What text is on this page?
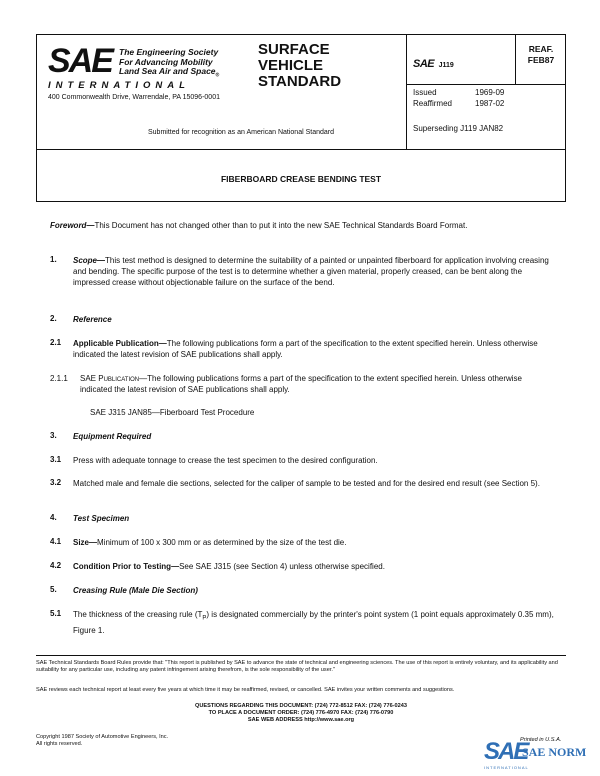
SAE The Engineering Society
For Advancing Mobility
Land Sea Air and Space$_®$
INTERNATIONAL
400 Commonwealth Drive, Warrendale, PA 15096-0001
SURFACE
VEHICLE
STANDARD
Submitted for recognition as an American National Standard
SAE J119
REAF.
FEB87
Issued	1969-09
Reaffirmed	1987-02
Superseding J119 JAN82
FIBERBOARD CREASE BENDING TEST
Foreword—This Document has not changed other than to put it into the new SAE Technical Standards Board Format.
1. Scope—This test method is designed to determine the suitability of a painted or unpainted fiberboard for application involving creasing and bending. The specific purpose of the test is to determine whether a given material, properly creased, can be bent along the impressed crease without objectionable failure on the surface of the bend.
2. Reference
2.1 Applicable Publication—The following publications form a part of the specification to the extent specified herein. Unless otherwise indicated the latest revision of SAE publications shall apply.
2.1.1 SAE Publication—The following publications forms a part of the specification to the extent specified herein. Unless otherwise indicated the latest revision of SAE publications shall apply.
SAE J315 JAN85—Fiberboard Test Procedure
3. Equipment Required
3.1 Press with adequate tonnage to crease the test specimen to the desired configuration.
3.2 Matched male and female die sections, selected for the caliper of sample to be tested and for the desired end result (see Section 5).
4. Test Specimen
4.1 Size—Minimum of 100 x 300 mm or as determined by the size of the test die.
4.2 Condition Prior to Testing—See SAE J315 (see Section 4) unless otherwise specified.
5. Creasing Rule (Male Die Section)
5.1 The thickness of the creasing rule $(T_P)$ is designated commercially by the printer's point system (1 point equals approximately 0.35 mm), Figure 1.
SAE Technical Standards Board Rules provide that: "This report is published by SAE to advance the state of technical and engineering sciences. The use of this report is entirely voluntary, and its applicability and suitability for any particular use, including any patent infringement arising therefrom, is the sole responsibility of the user."
SAE reviews each technical report at least every five years at which time it may be reaffirmed, revised, or cancelled. SAE invites your written comments and suggestions.
QUESTIONS REGARDING THIS DOCUMENT: (724) 772-8512 FAX: (724) 776-0243
TO PLACE A DOCUMENT ORDER: (724) 776-4970 FAX: (724) 776-0790
SAE WEB ADDRESS http://www.sae.org
Copyright 1987 Society of Automotive Engineers, Inc.
All rights reserved.
Printed in U.S.A.
SAE
SAE NORM
INTERNATIONAL
